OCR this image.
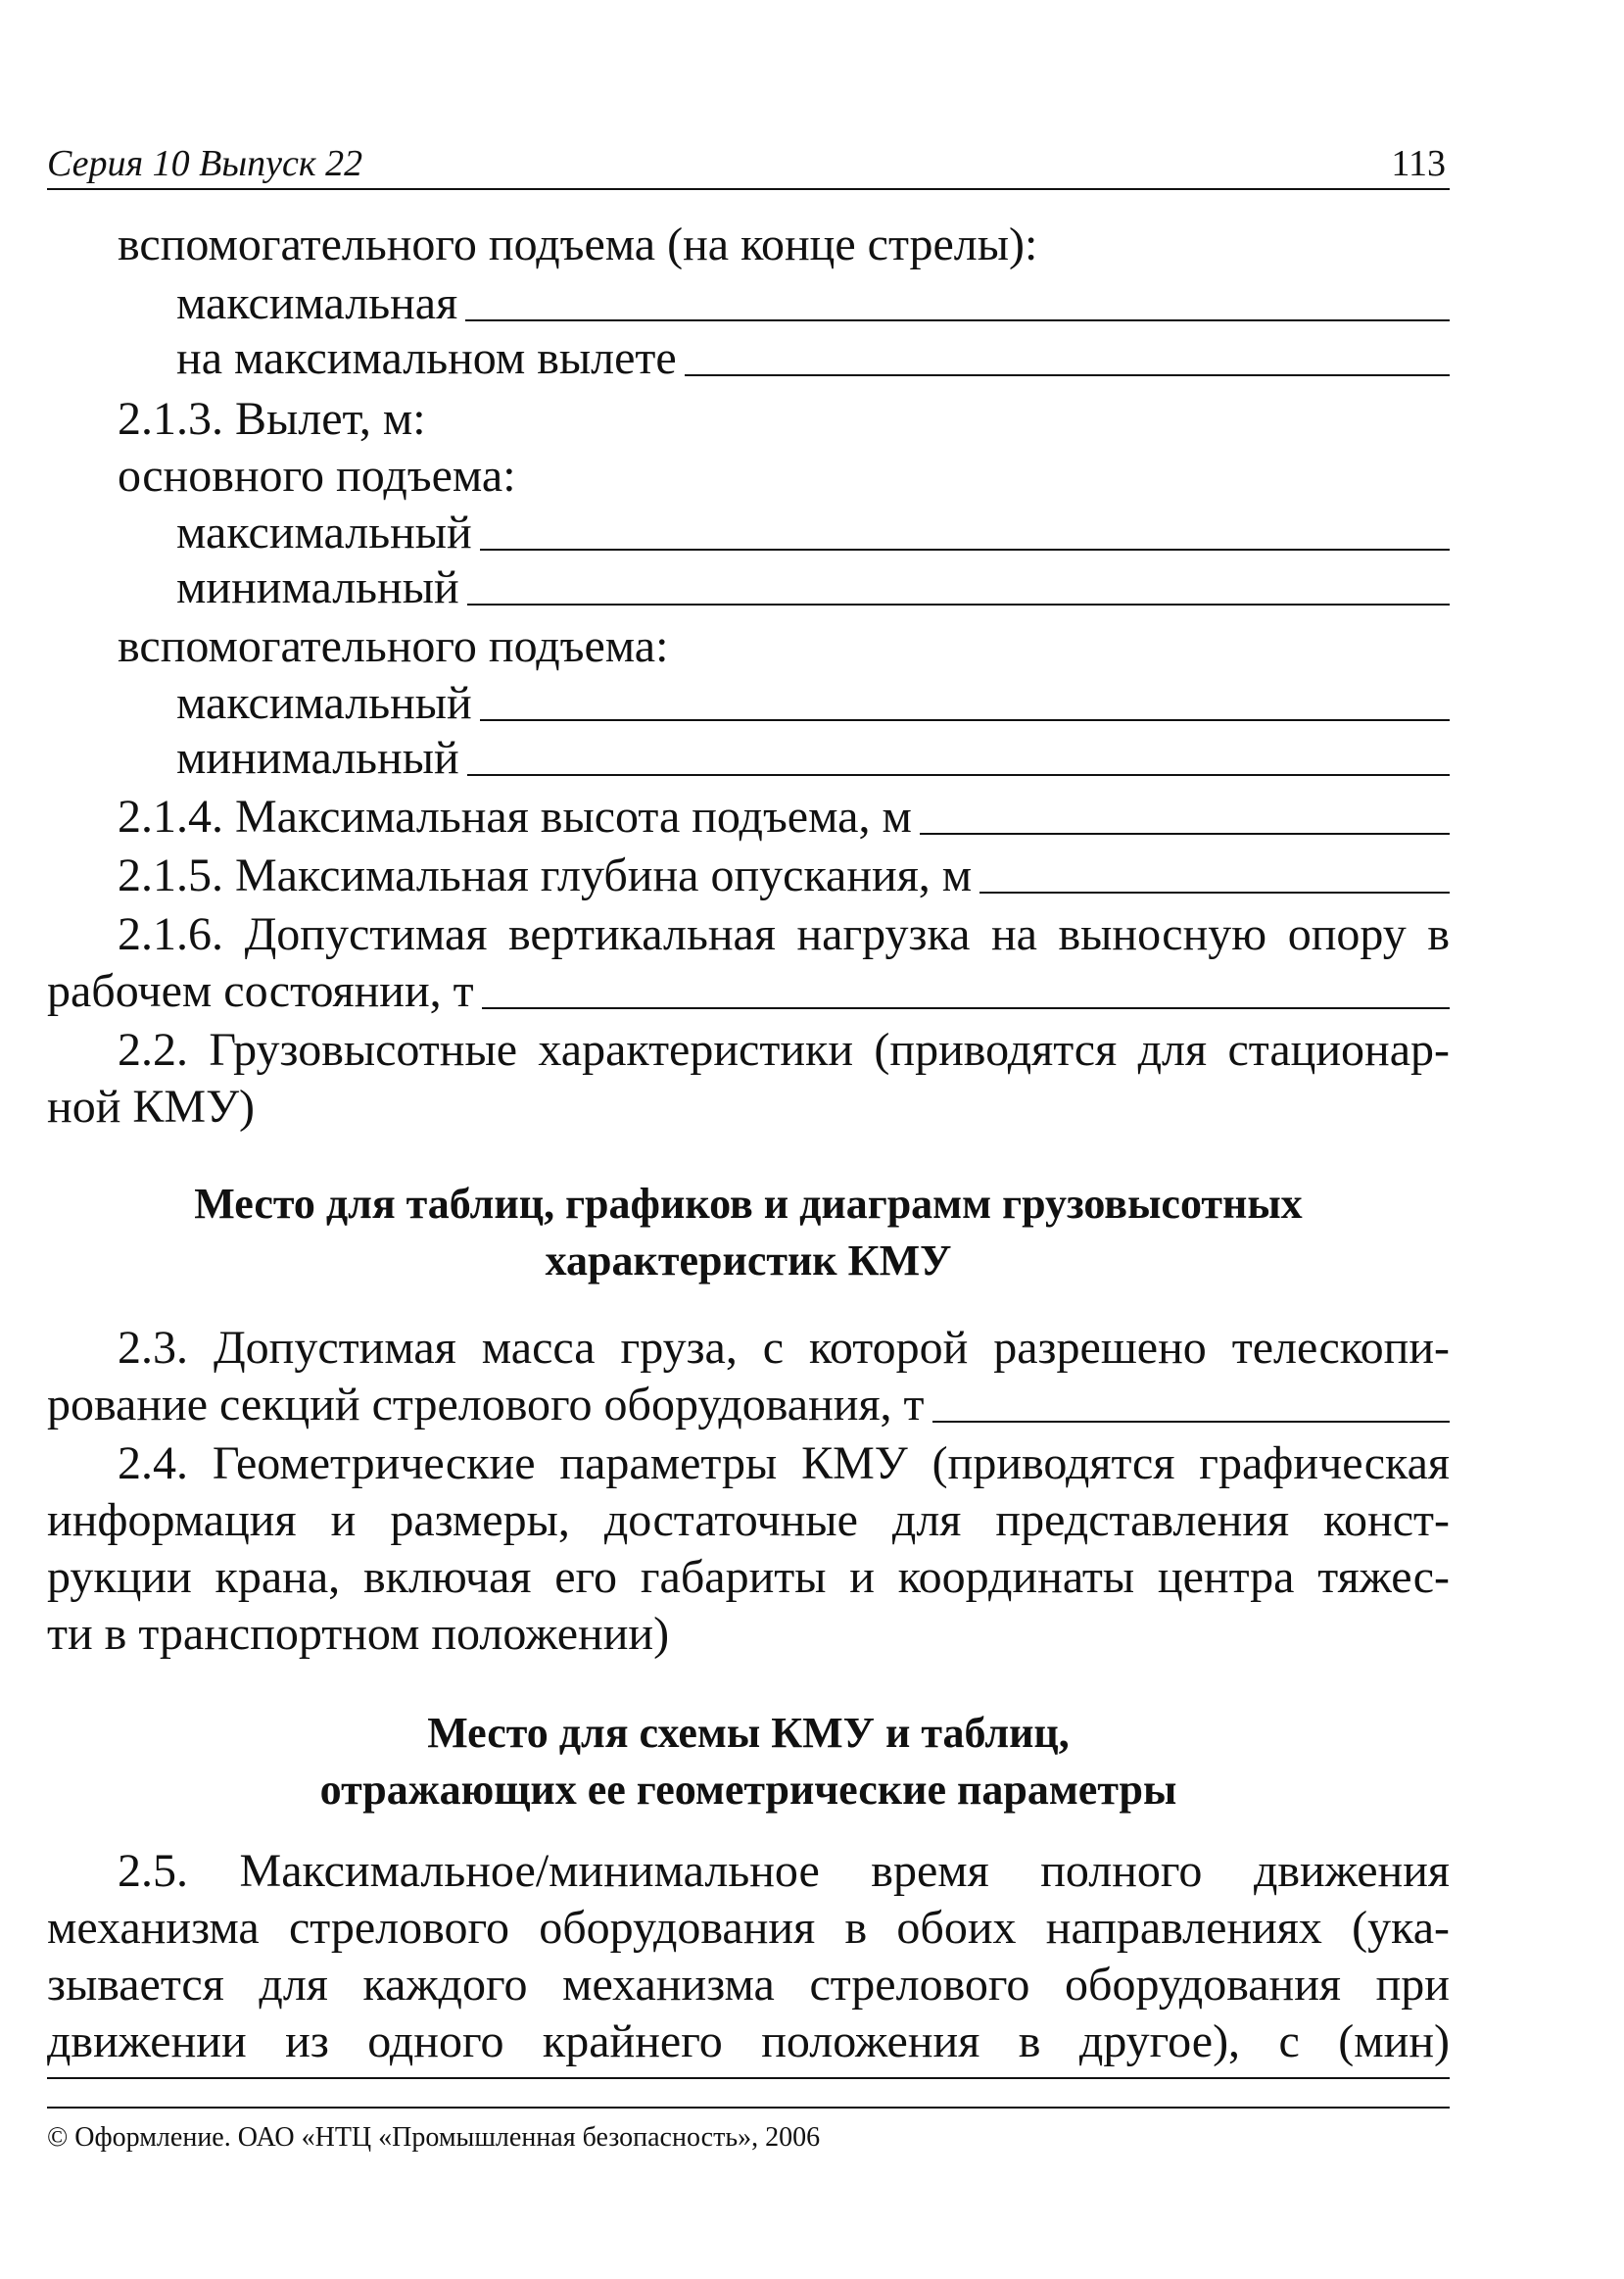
Серия 10 Выпуск 22	113
вспомогательного подъема (на конце стрелы):
максимальная
на максимальном вылете
2.1.3. Вылет, м:
основного подъема:
максимальный
минимальный
вспомогательного подъема:
максимальный
минимальный
2.1.4. Максимальная высота подъема, м
2.1.5. Максимальная глубина опускания, м
2.1.6. Допустимая вертикальная нагрузка на выносную опору в
рабочем состоянии, т
2.2. Грузовысотные характеристики (приводятся для стационар-
ной КМУ)
Место для таблиц, графиков и диаграмм грузовысотных
характеристик КМУ
2.3. Допустимая масса груза, с которой разрешено телескопи-
рование секций стрелового оборудования, т
2.4. Геометрические параметры КМУ (приводятся графическая
информация и размеры, достаточные для представления конст-
рукции крана, включая его габариты и координаты центра тяжес-
ти в транспортном положении)
Место для схемы КМУ и таблиц,
отражающих ее геометрические параметры
2.5. Максимальное/минимальное время полного движения
механизма стрелового оборудования в обоих направлениях (ука-
зывается для каждого механизма стрелового оборудования при
движении из одного крайнего положения в другое), с (мин)
© Оформление. ОАО «НТЦ «Промышленная безопасность», 2006
